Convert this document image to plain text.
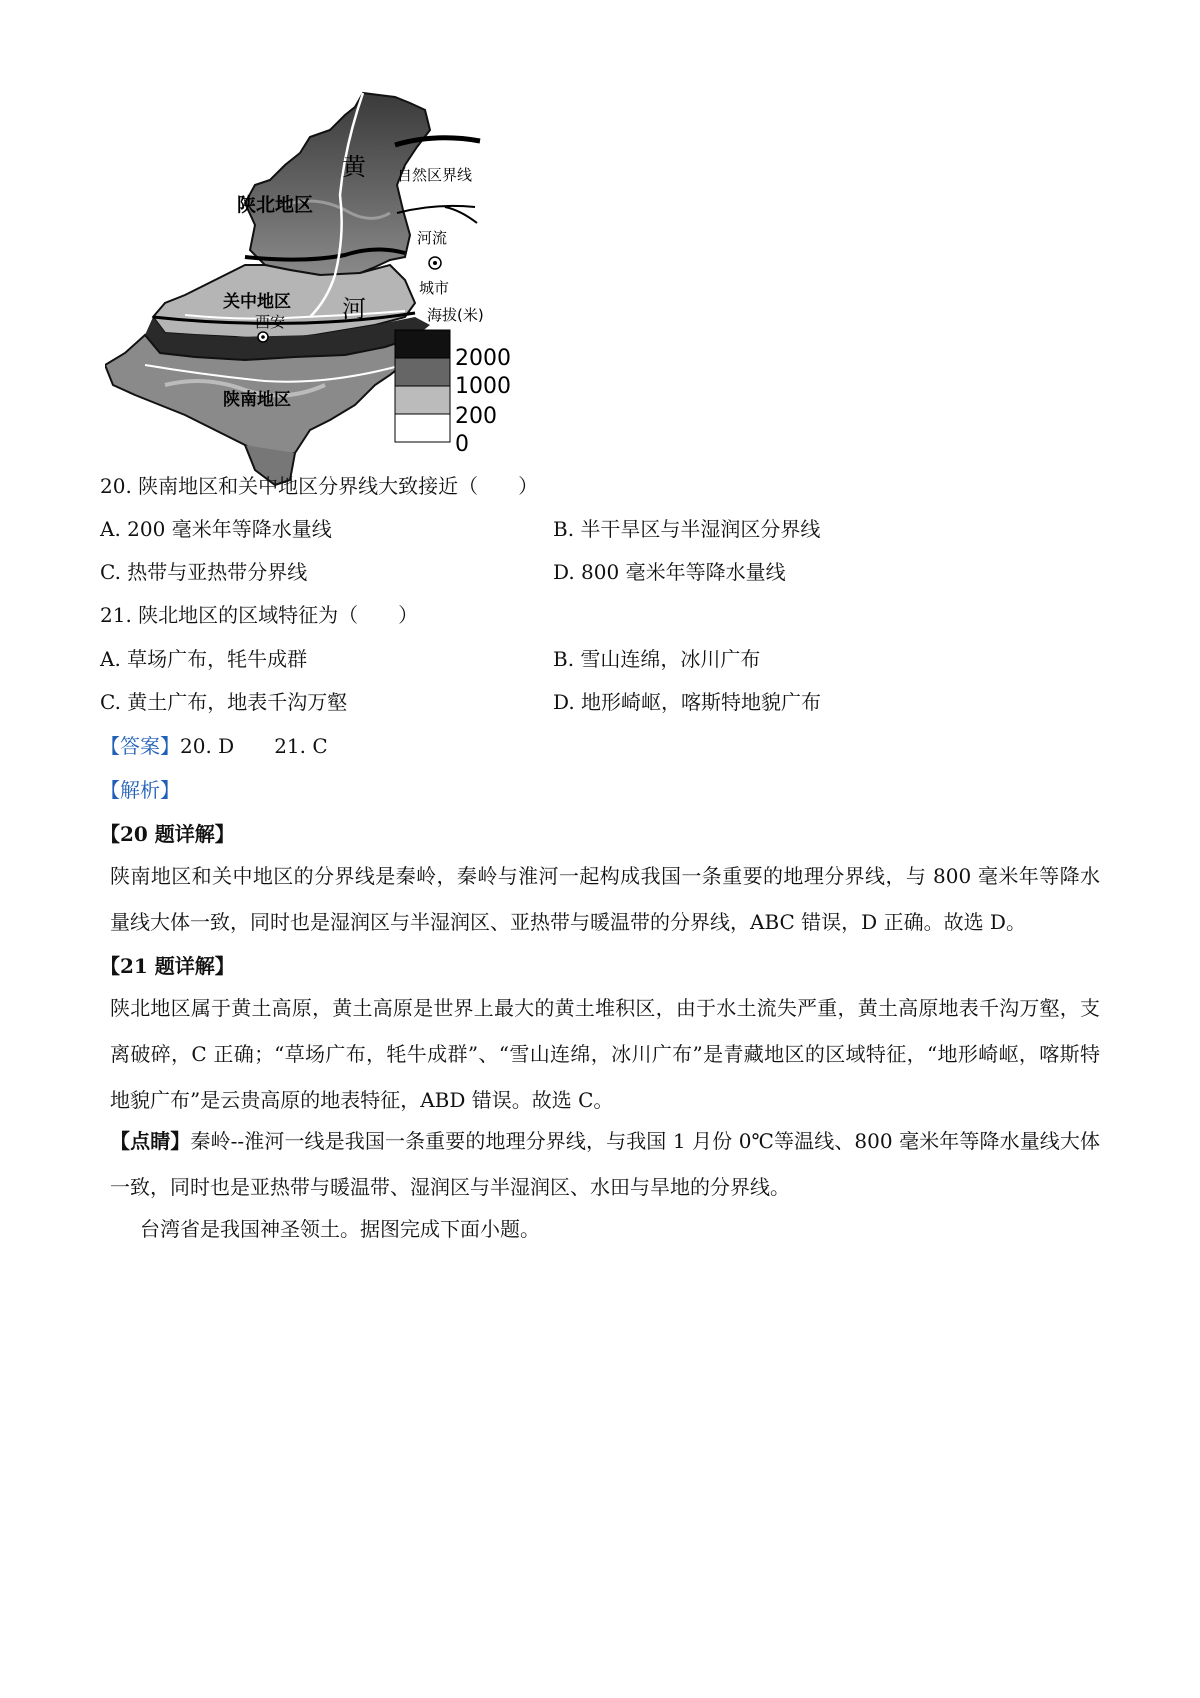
陕北地区
关中地区
西安
陕南地区
黄
河
自然区界线
河流
城市
海拔(米)
2000
1000
200
0
20. 陕南地区和关中地区分界线大致接近（　　）
A. 200 毫米年等降水量线	B. 半干旱区与半湿润区分界线
C. 热带与亚热带分界线	D. 800 毫米年等降水量线
21. 陕北地区的区域特征为（　　）
A. 草场广布，牦牛成群	B. 雪山连绵，冰川广布
C. 黄土广布，地表千沟万壑	D. 地形崎岖，喀斯特地貌广布
【答案】20. D 21. C
【解析】
【20 题详解】

陕南地区和关中地区的分界线是秦岭，秦岭与淮河一起构成我国一条重要的地理分界线，与 800 毫米年等降水量线大体一致，同时也是湿润区与半湿润区、亚热带与暖温带的分界线，ABC 错误，D 正确。故选 D。

【21 题详解】

陕北地区属于黄土高原，黄土高原是世界上最大的黄土堆积区，由于水土流失严重，黄土高原地表千沟万壑，支离破碎，C 正确；“草场广布，牦牛成群”、“雪山连绵，冰川广布”是青藏地区的区域特征，“地形崎岖，喀斯特地貌广布”是云贵高原的地表特征，ABD 错误。故选 C。

【点睛】秦岭--淮河一线是我国一条重要的地理分界线，与我国 1 月份 0℃等温线、800 毫米年等降水量线大体一致，同时也是亚热带与暖温带、湿润区与半湿润区、水田与旱地的分界线。

台湾省是我国神圣领土。据图完成下面小题。
